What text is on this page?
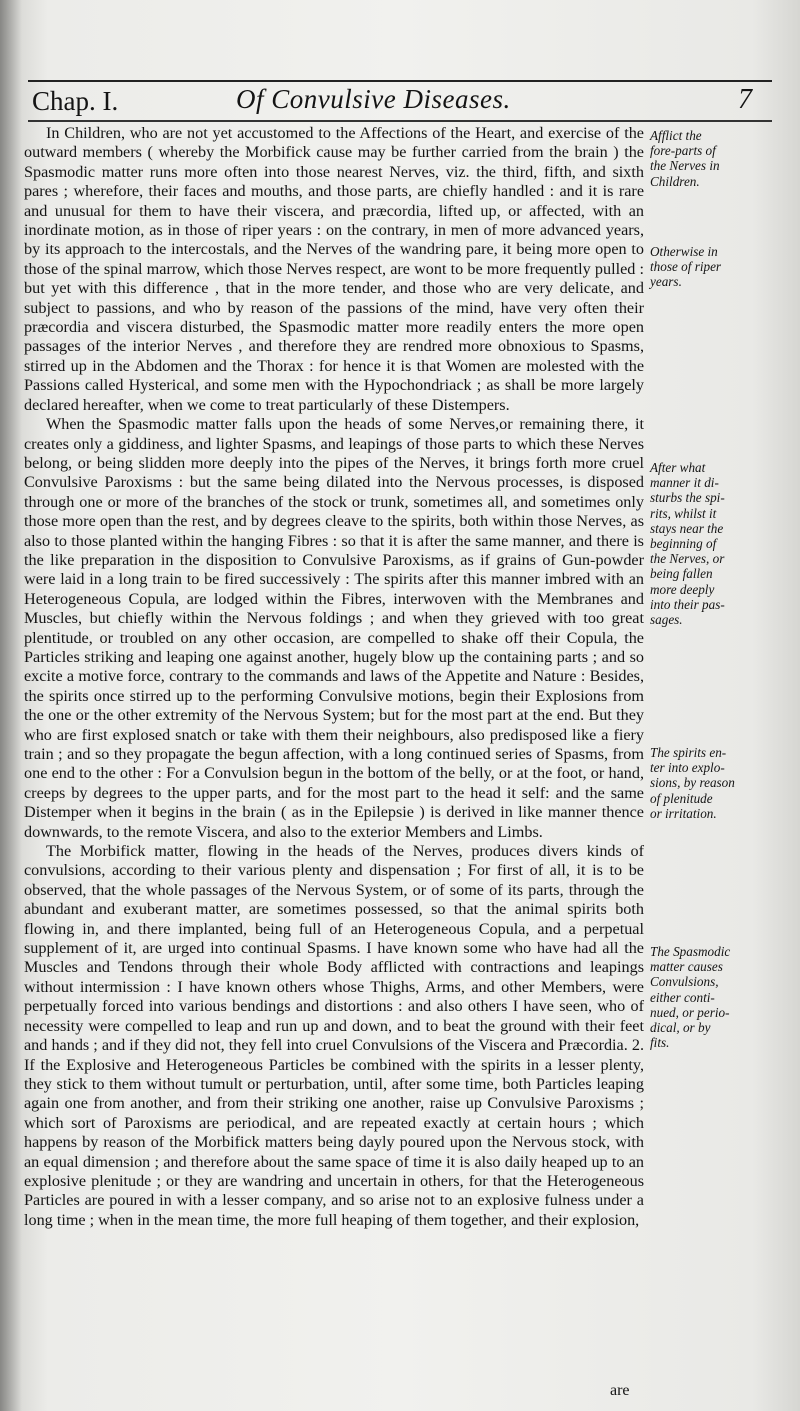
Chap. I.	Of Convulsive Diseases.	7

In Children, who are not yet accustomed to the Affections of the Heart, and exercise of the outward members ( whereby the Morbifick cause may be further carried from the brain ) the Spasmodic matter runs more often into those nearest Nerves, viz. the third, fifth, and sixth pares ; wherefore, their faces and mouths, and those parts, are chiefly handled : and it is rare and unusual for them to have their viscera, and præcordia, lifted up, or affected, with an inordinate motion, as in those of riper years : on the contrary, in men of more advanced years, by its approach to the intercostals, and the Nerves of the wandring pare, it being more open to those of the spinal marrow, which those Nerves respect, are wont to be more frequently pulled : but yet with this difference , that in the more tender, and those who are very delicate, and subject to passions, and who by reason of the passions of the mind, have very often their præcordia and viscera disturbed, the Spasmodic matter more readily enters the more open passages of the interior Nerves , and therefore they are rendred more obnoxious to Spasms, stirred up in the Abdomen and the Thorax : for hence it is that Women are molested with the Passions called Hysterical, and some men with the Hypochondriack ; as shall be more largely declared hereafter, when we come to treat particularly of these Distempers.

When the Spasmodic matter falls upon the heads of some Nerves,or remaining there, it creates only a giddiness, and lighter Spasms, and leapings of those parts to which these Nerves belong, or being slidden more deeply into the pipes of the Nerves, it brings forth more cruel Convulsive Paroxisms : but the same being dilated into the Nervous processes, is disposed through one or more of the branches of the stock or trunk, sometimes all, and sometimes only those more open than the rest, and by degrees cleave to the spirits, both within those Nerves, as also to those planted within the hanging Fibres : so that it is after the same manner, and there is the like preparation in the disposition to Convulsive Paroxisms, as if grains of Gun-powder were laid in a long train to be fired successively : The spirits after this manner imbred with an Heterogeneous Copula, are lodged within the Fibres, interwoven with the Membranes and Muscles, but chiefly within the Nervous foldings ; and when they grieved with too great plentitude, or troubled on any other occasion, are compelled to shake off their Copula, the Particles striking and leaping one against another, hugely blow up the containing parts ; and so excite a motive force, contrary to the commands and laws of the Appetite and Nature : Besides, the spirits once stirred up to the performing Convulsive motions, begin their Explosions from the one or the other extremity of the Nervous System; but for the most part at the end. But they who are first explosed snatch or take with them their neighbours, also predisposed like a fiery train ; and so they propagate the begun affection, with a long continued series of Spasms, from one end to the other : For a Convulsion begun in the bottom of the belly, or at the foot, or hand, creeps by degrees to the upper parts, and for the most part to the head it self: and the same Distemper when it begins in the brain ( as in the Epilepsie ) is derived in like manner thence downwards, to the remote Viscera, and also to the exterior Members and Limbs.

The Morbifick matter, flowing in the heads of the Nerves, produces divers kinds of convulsions, according to their various plenty and dispensation ; For first of all, it is to be observed, that the whole passages of the Nervous System, or of some of its parts, through the abundant and exuberant matter, are sometimes possessed, so that the animal spirits both flowing in, and there implanted, being full of an Heterogeneous Copula, and a perpetual supplement of it, are urged into continual Spasms. I have known some who have had all the Muscles and Tendons through their whole Body afflicted with contractions and leapings without intermission : I have known others whose Thighs, Arms, and other Members, were perpetually forced into various bendings and distortions : and also others I have seen, who of necessity were compelled to leap and run up and down, and to beat the ground with their feet and hands ; and if they did not, they fell into cruel Convulsions of the Viscera and Præcordia. 2. If the Explosive and Heterogeneous Particles be combined with the spirits in a lesser plenty, they stick to them without tumult or perturbation, until, after some time, both Particles leaping again one from another, and from their striking one another, raise up Convulsive Paroxisms ; which sort of Paroxisms are periodical, and are repeated exactly at certain hours ; which happens by reason of the Morbifick matters being dayly poured upon the Nervous stock, with an equal dimension ; and therefore about the same space of time it is also daily heaped up to an explosive plenitude ; or they are wandring and uncertain in others, for that the Heterogeneous Particles are poured in with a lesser company, and so arise not to an explosive fulness under a long time ; when in the mean time, the more full heaping of them together, and their explosion,

are
Afflict the
fore-parts of
the Nerves in
Children.
Otherwise in
those of riper
years.
After what
manner it di-
sturbs the spi-
rits, whilst it
stays near the
beginning of
the Nerves, or
being fallen
more deeply
into their pas-
sages.
The spirits en-
ter into explo-
sions, by reason
of plenitude
or irritation.
The Spasmodic
matter causes
Convulsions,
either conti-
nued, or perio-
dical, or by
fits.
